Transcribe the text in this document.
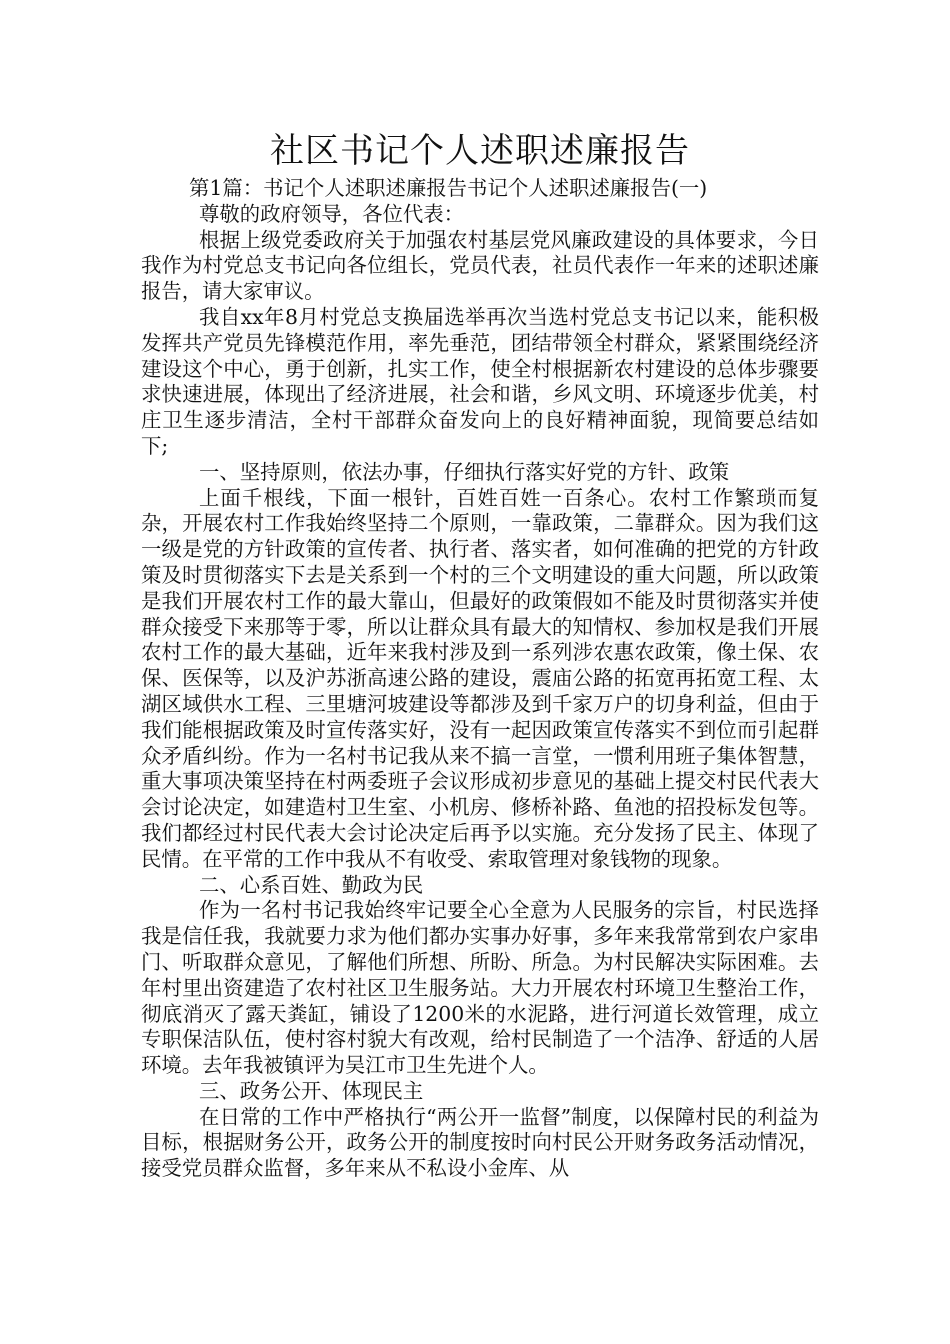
社区书记个人述职述廉报告

第1篇：书记个人述职述廉报告书记个人述职述廉报告(一)

尊敬的政府领导，各位代表：

根据上级党委政府关于加强农村基层党风廉政建设的具体要求，今日我作为村党总支书记向各位组长，党员代表，社员代表作一年来的述职述廉报告，请大家审议。

我自xx年8月村党总支换届选举再次当选村党总支书记以来，能积极发挥共产党员先锋模范作用，率先垂范，团结带领全村群众，紧紧围绕经济建设这个中心，勇于创新，扎实工作，使全村根据新农村建设的总体步骤要求快速进展，体现出了经济进展，社会和谐，乡风文明、环境逐步优美，村庄卫生逐步清洁，全村干部群众奋发向上的良好精神面貌，现简要总结如下;

一、坚持原则，依法办事，仔细执行落实好党的方针、政策

上面千根线，下面一根针，百姓百姓一百条心。农村工作繁琐而复杂，开展农村工作我始终坚持二个原则，一靠政策，二靠群众。因为我们这一级是党的方针政策的宣传者、执行者、落实者，如何准确的把党的方针政策及时贯彻落实下去是关系到一个村的三个文明建设的重大问题，所以政策是我们开展农村工作的最大靠山，但最好的政策假如不能及时贯彻落实并使群众接受下来那等于零，所以让群众具有最大的知情权、参加权是我们开展农村工作的最大基础，近年来我村涉及到一系列涉农惠农政策，像土保、农保、医保等，以及沪苏浙高速公路的建设，震庙公路的拓宽再拓宽工程、太湖区域供水工程、三里塘河坡建设等都涉及到千家万户的切身利益，但由于我们能根据政策及时宣传落实好，没有一起因政策宣传落实不到位而引起群众矛盾纠纷。作为一名村书记我从来不搞一言堂，一惯利用班子集体智慧，重大事项决策坚持在村两委班子会议形成初步意见的基础上提交村民代表大会讨论决定，如建造村卫生室、小机房、修桥补路、鱼池的招投标发包等。我们都经过村民代表大会讨论决定后再予以实施。充分发扬了民主、体现了民情。在平常的工作中我从不有收受、索取管理对象钱物的现象。

二、心系百姓、勤政为民

作为一名村书记我始终牢记要全心全意为人民服务的宗旨，村民选择我是信任我，我就要力求为他们都办实事办好事，多年来我常常到农户家串门、听取群众意见，了解他们所想、所盼、所急。为村民解决实际困难。去年村里出资建造了农村社区卫生服务站。大力开展农村环境卫生整治工作，彻底消灭了露天粪缸，铺设了1200米的水泥路，进行河道长效管理，成立专职保洁队伍，使村容村貌大有改观，给村民制造了一个洁净、舒适的人居环境。去年我被镇评为吴江市卫生先进个人。

三、政务公开、体现民主

在日常的工作中严格执行“两公开一监督”制度，以保障村民的利益为目标，根据财务公开，政务公开的制度按时向村民公开财务政务活动情况，接受党员群众监督，多年来从不私设小金库、从
